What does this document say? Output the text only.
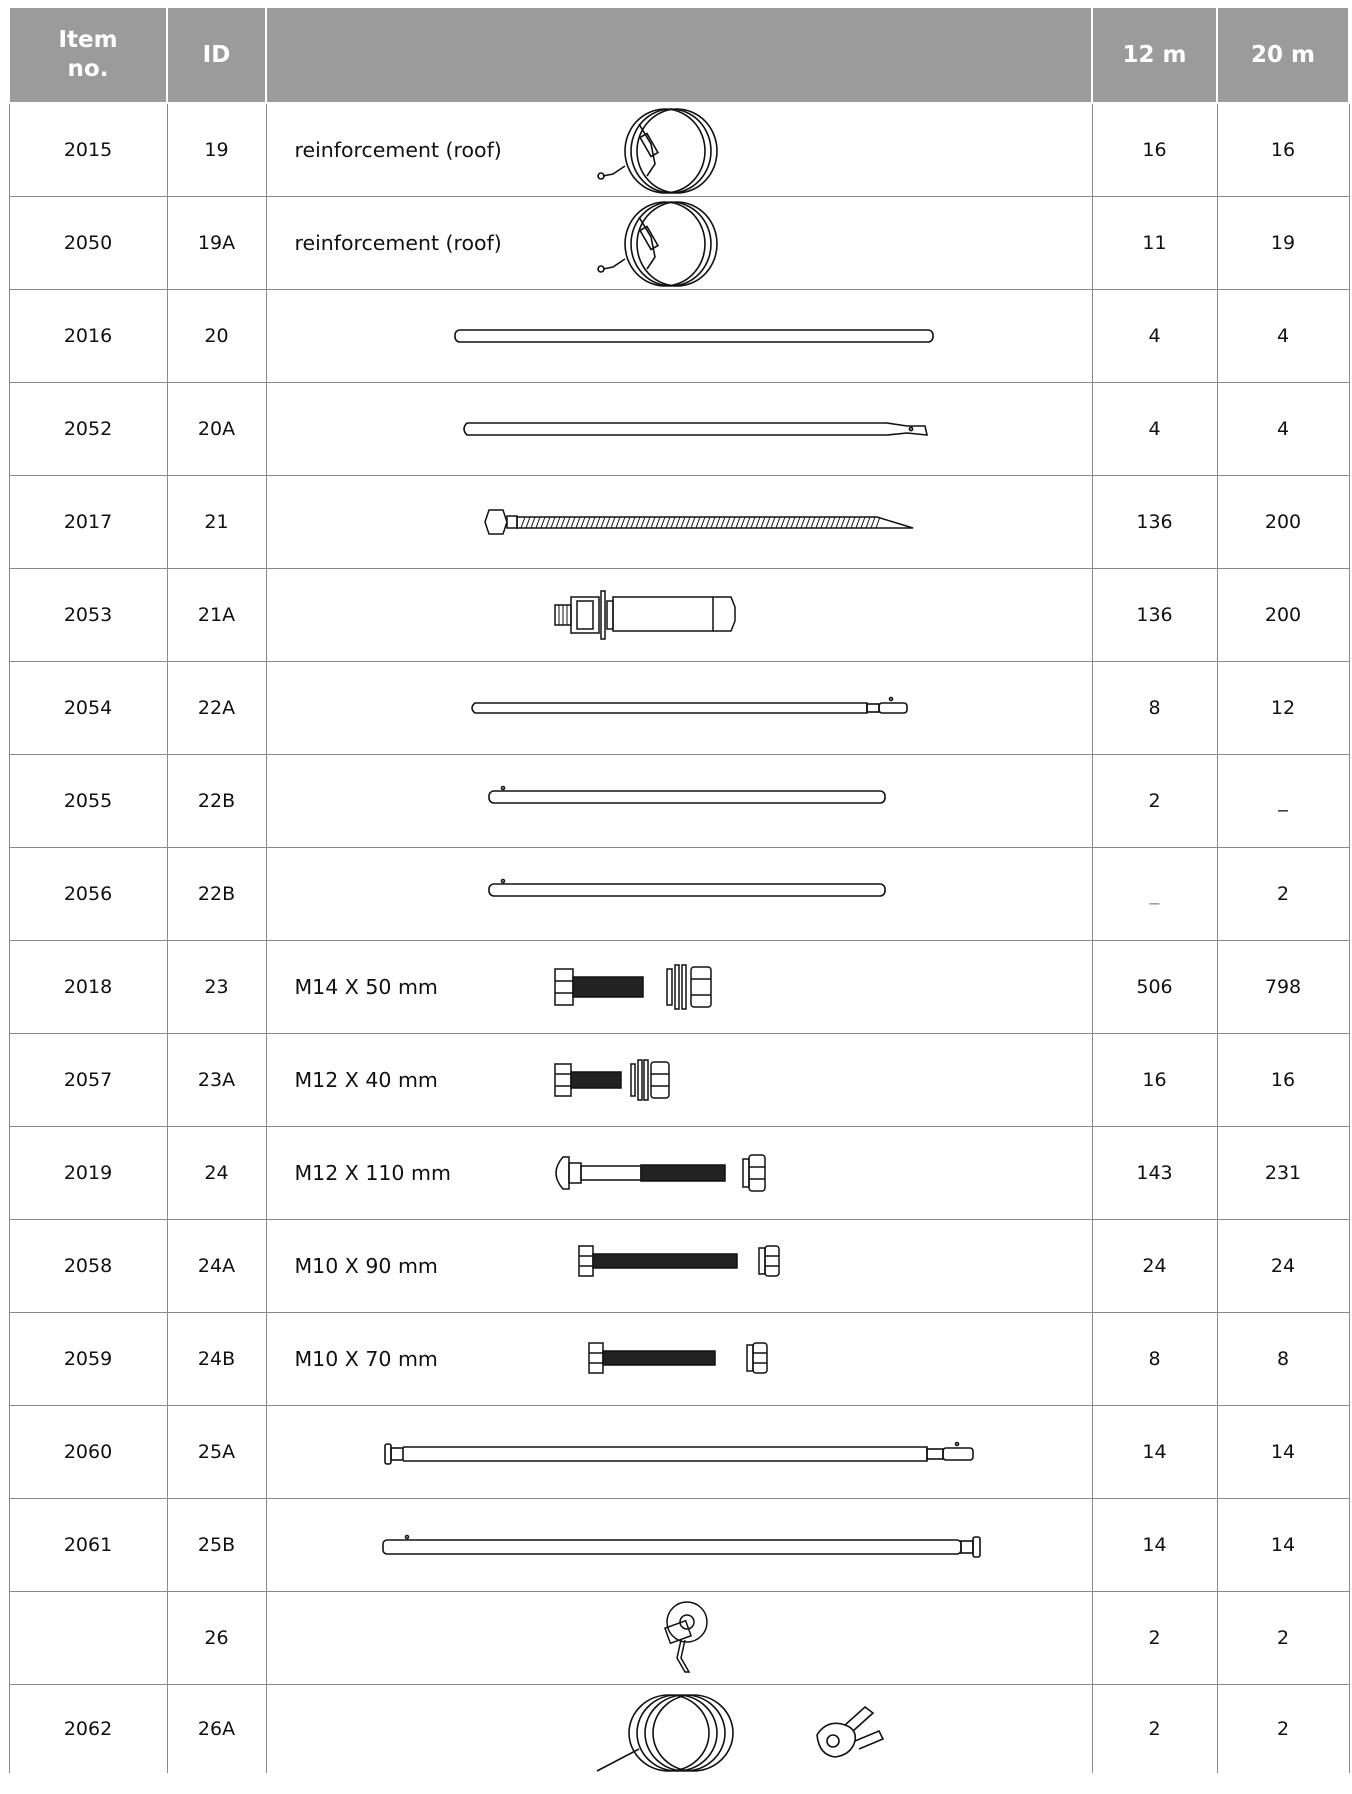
Item no.	ID		12 m	20 m
2015	19	reinforcement (roof)	16	16
2050	19A	reinforcement (roof)	11	19
2016	20		4	4
2052	20A		4	4
2017	21		136	200
2053	21A		136	200
2054	22A		8	12
2055	22B		2	_
2056	22B		_	2
2018	23	M14 X 50 mm	506	798
2057	23A	M12 X 40 mm	16	16
2019	24	M12 X 110 mm	143	231
2058	24A	M10 X 90 mm	24	24
2059	24B	M10 X 70 mm	8	8
2060	25A		14	14
2061	25B		14	14
	26		2	2
2062	26A		2	2
